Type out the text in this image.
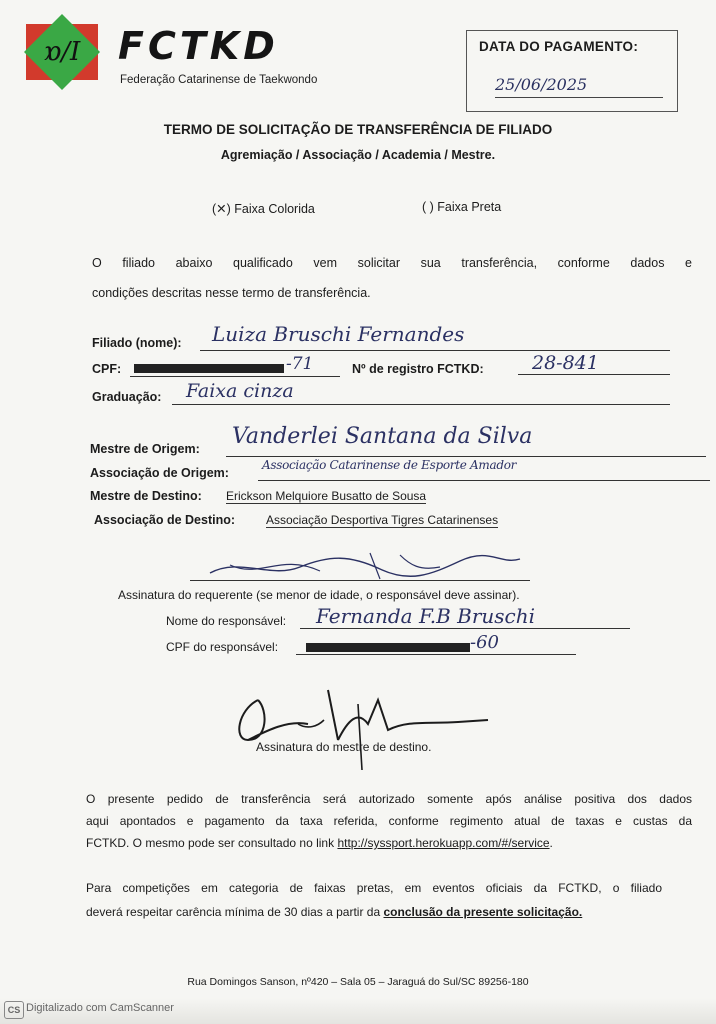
ɒ/I FCTKD
Federação Catarinense de Taekwondo
DATA DO PAGAMENTO:
25/06/2025
TERMO DE SOLICITAÇÃO DE TRANSFERÊNCIA DE FILIADO
Agremiação / Associação / Academia / Mestre.
(✕) Faixa Colorida	( ) Faixa Preta
O filiado abaixo qualificado vem solicitar sua transferência, conforme dados e
condições descritas nesse termo de transferência.
Filiado (nome): Luiza Bruschi Fernandes
CPF:	-71	Nº de registro FCTKD:	28-841
Graduação: Faixa cinza
Mestre de Origem: Vanderlei Santana da Silva
Associação de Origem:
Associação Catarinense de Esporte Amador
Mestre de Destino: Erickson Melquiore Busatto de Sousa
Associação de Destino:	Associação Desportiva Tigres Catarinenses
Assinatura do requerente (se menor de idade, o responsável deve assinar).
Nome do responsável: Fernanda F.B Bruschi
CPF do responsável:	-60
Assinatura do mestre de destino.
O presente pedido de transferência será autorizado somente após análise positiva dos dados
aqui apontados e pagamento da taxa referida, conforme regimento atual de taxas e custas da
FCTKD. O mesmo pode ser consultado no link http://syssport.herokuapp.com/#/service.
Para competições em categoria de faixas pretas, em eventos oficiais da FCTKD, o filiado
deverá respeitar carência mínima de 30 dias a partir da conclusão da presente solicitação.
Rua Domingos Sanson, nº420 – Sala 05 – Jaraguá do Sul/SC 89256-180
CS Digitalizado com CamScanner
